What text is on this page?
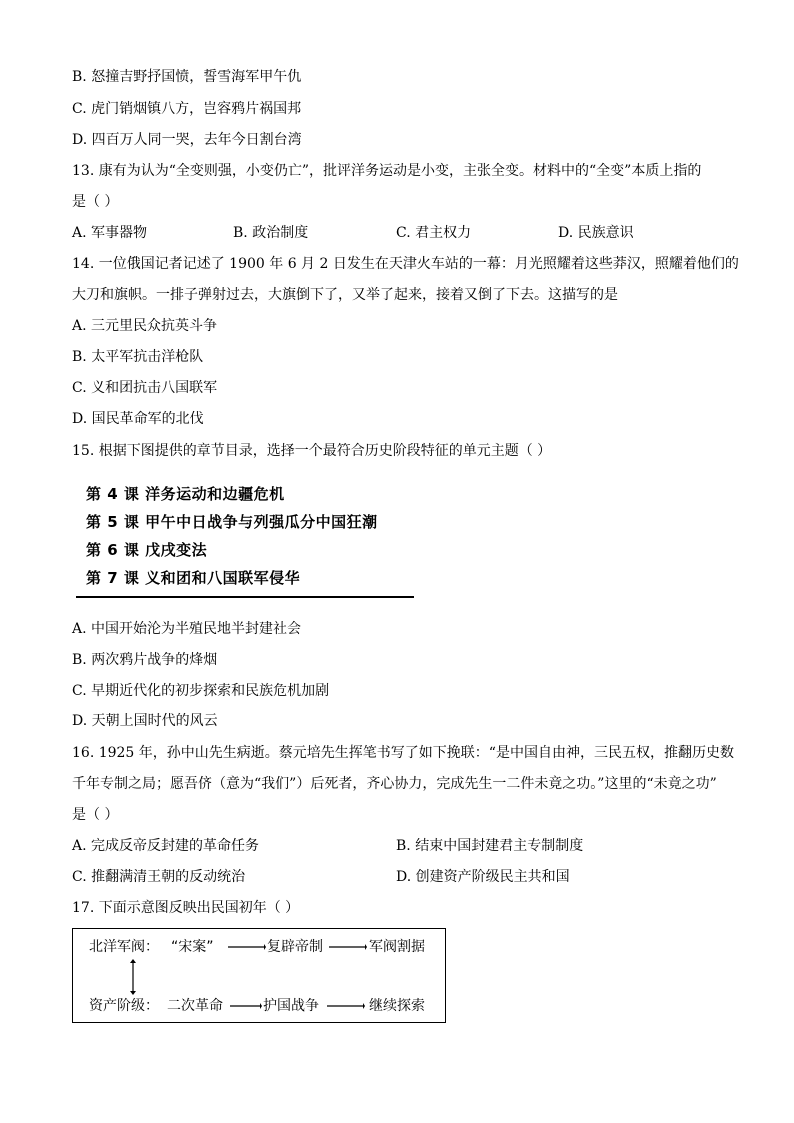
B. 怒撞吉野抒国愤，誓雪海军甲午仇
C. 虎门销烟镇八方，岂容鸦片祸国邦
D. 四百万人同一哭，去年今日割台湾
13. 康有为认为“全变则强，小变仍亡”，批评洋务运动是小变，主张全变。材料中的“全变”本质上指的
是（ ）
A. 军事器物	B. 政治制度	C. 君主权力	D. 民族意识
14. 一位俄国记者记述了 1900 年 6 月 2 日发生在天津火车站的一幕：月光照耀着这些莽汉，照耀着他们的
大刀和旗帜。一排子弹射过去，大旗倒下了，又举了起来，接着又倒了下去。这描写的是
A. 三元里民众抗英斗争
B. 太平军抗击洋枪队
C. 义和团抗击八国联军
D. 国民革命军的北伐
15. 根据下图提供的章节目录，选择一个最符合历史阶段特征的单元主题（ ）
第 4 课 洋务运动和边疆危机
第 5 课 甲午中日战争与列强瓜分中国狂潮
第 6 课 戊戌变法
第 7 课 义和团和八国联军侵华
A. 中国开始沦为半殖民地半封建社会
B. 两次鸦片战争的烽烟
C. 早期近代化的初步探索和民族危机加剧
D. 天朝上国时代的风云
16. 1925 年，孙中山先生病逝。蔡元培先生挥笔书写了如下挽联：“是中国自由神，三民五权，推翻历史数
千年专制之局；愿吾侪（意为“我们”）后死者，齐心协力，完成先生一二件未竟之功。”这里的“未竟之功”
是（ ）
A. 完成反帝反封建的革命任务	B. 结束中国封建君主专制制度
C. 推翻满清王朝的反动统治	D. 创建资产阶级民主共和国
17. 下面示意图反映出民国初年（ ）
北洋军阀： “宋案”	复辟帝制	军阀割据
资产阶级： 二次革命	护国战争	继续探索
